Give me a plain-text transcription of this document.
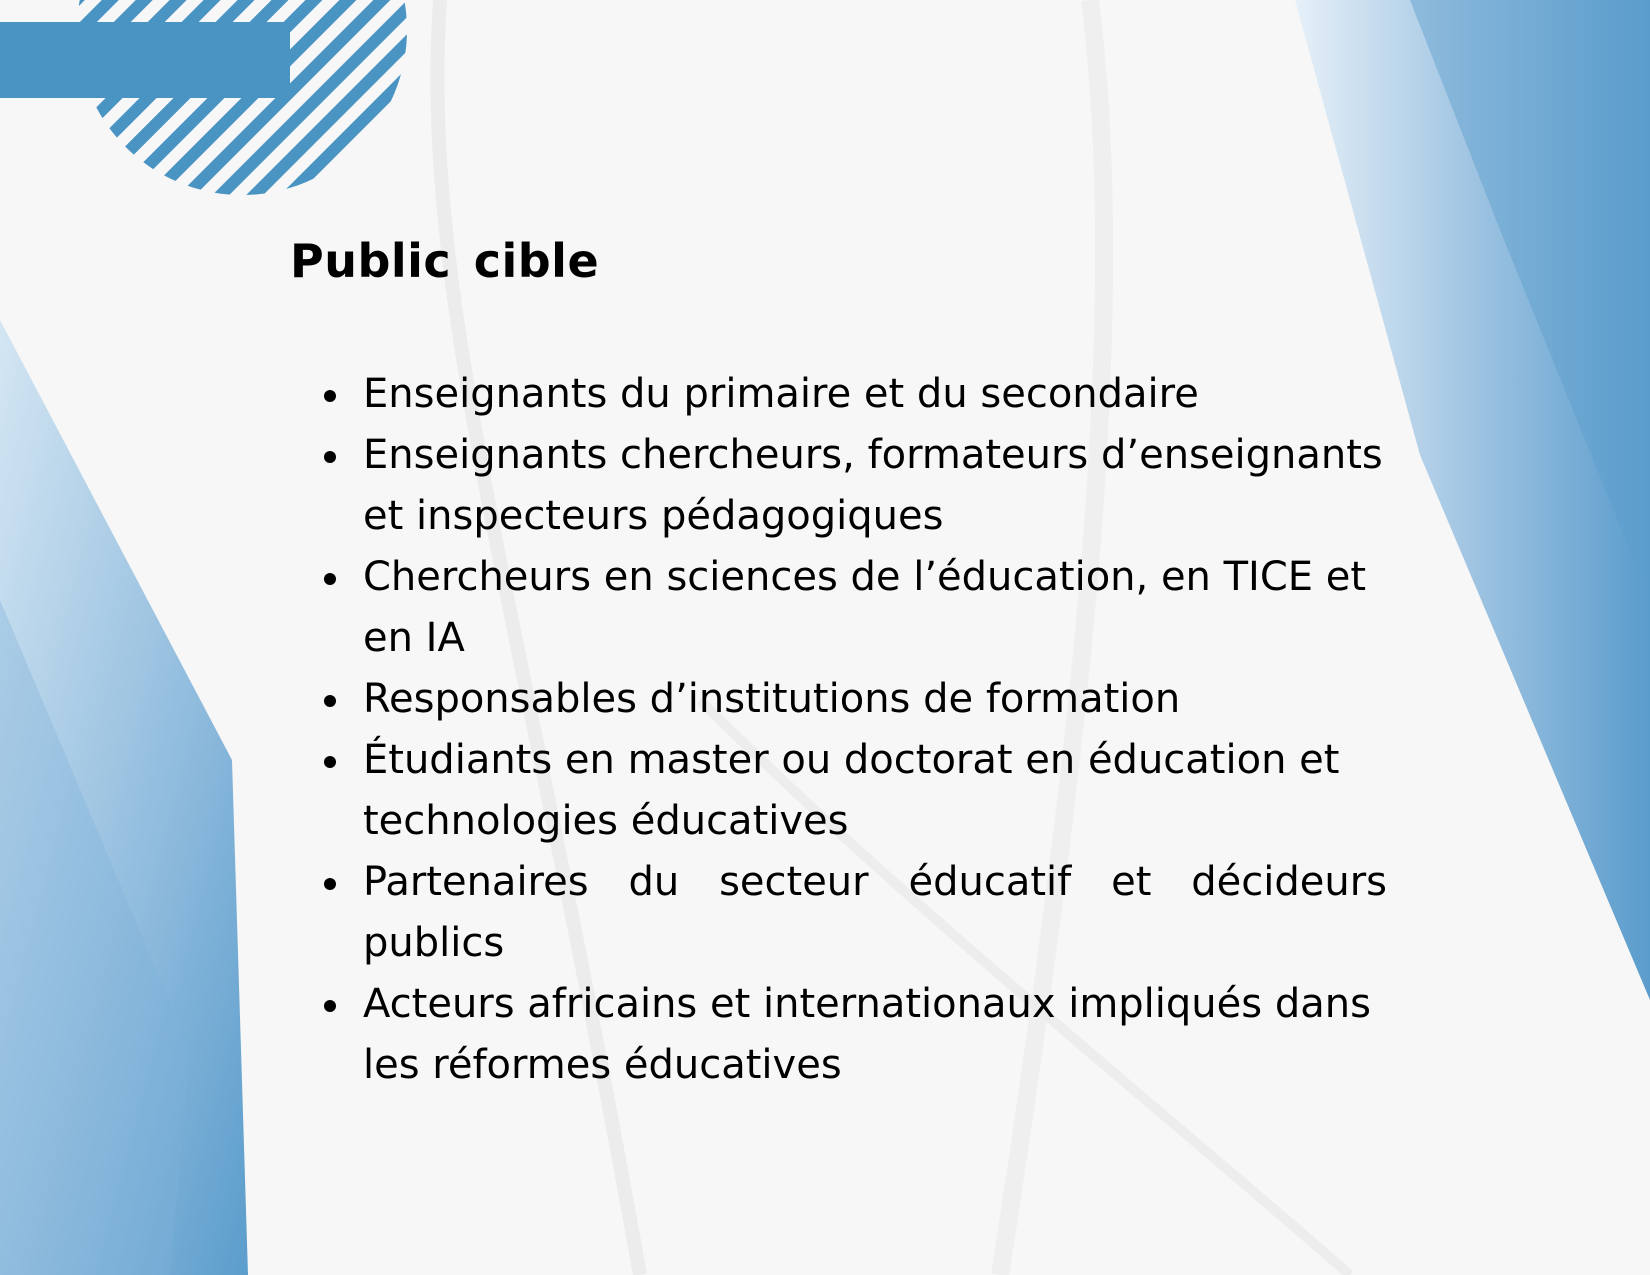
Public cible
Enseignants du primaire et du secondaire
Enseignants chercheurs, formateurs d’enseignants et inspecteurs pédagogiques
Chercheurs en sciences de l’éducation, en TICE et en IA
Responsables d’institutions de formation
Étudiants en master ou doctorat en éducation et technologies éducatives
Partenaires du secteur éducatif et décideurs publics
Acteurs africains et internationaux impliqués dans les réformes éducatives
